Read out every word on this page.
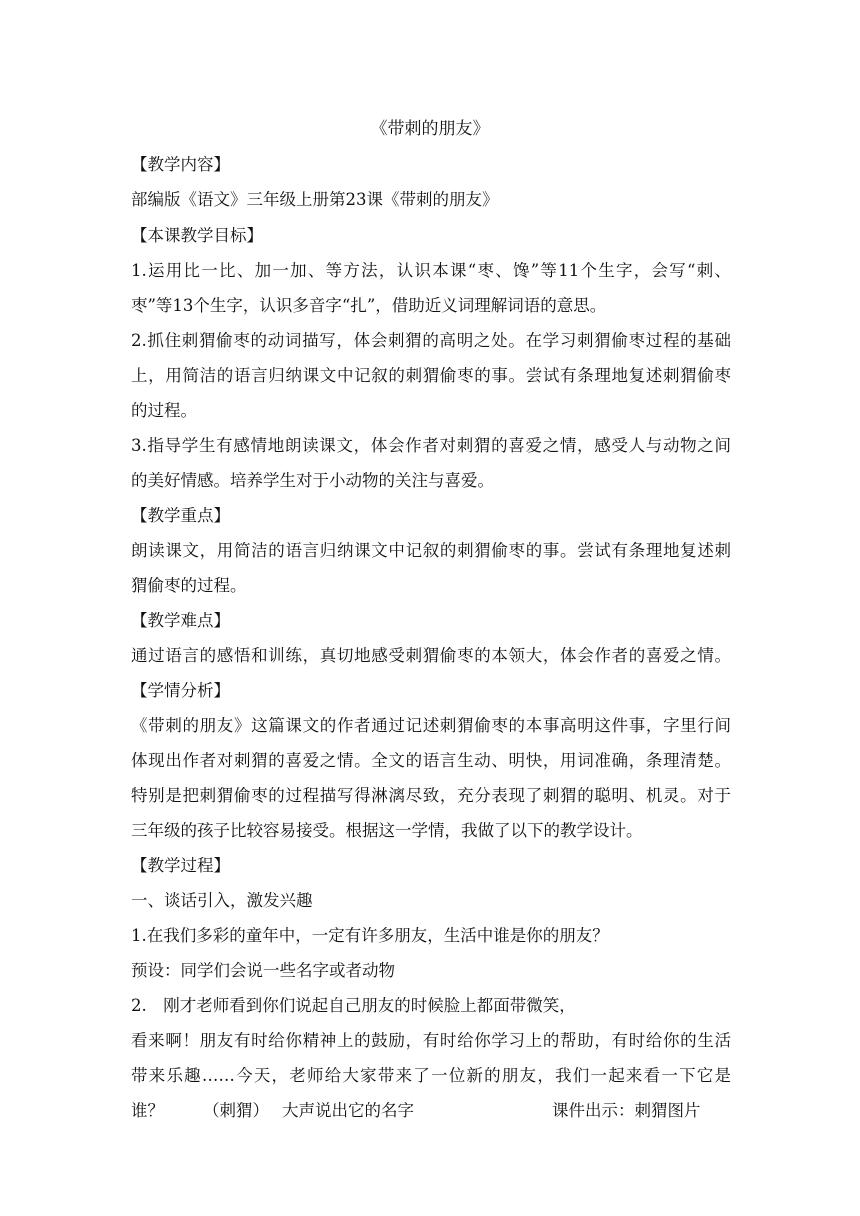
《带刺的朋友》
【教学内容】
部编版《语文》三年级上册第23课《带刺的朋友》
【本课教学目标】
1.运用比一比、加一加、等方法，认识本课“枣、馋”等11个生字，会写“刺、
枣”等13个生字，认识多音字“扎”，借助近义词理解词语的意思。
2.抓住刺猬偷枣的动词描写，体会刺猬的高明之处。在学习刺猬偷枣过程的基础
上，用简洁的语言归纳课文中记叙的刺猬偷枣的事。尝试有条理地复述刺猬偷枣
的过程。
3.指导学生有感情地朗读课文，体会作者对刺猬的喜爱之情，感受人与动物之间
的美好情感。培养学生对于小动物的关注与喜爱。
【教学重点】
朗读课文，用简洁的语言归纳课文中记叙的刺猬偷枣的事。尝试有条理地复述刺
猬偷枣的过程。
【教学难点】
通过语言的感悟和训练，真切地感受刺猬偷枣的本领大，体会作者的喜爱之情。
【学情分析】
《带刺的朋友》这篇课文的作者通过记述刺猬偷枣的本事高明这件事，字里行间
体现出作者对刺猬的喜爱之情。全文的语言生动、明快，用词准确，条理清楚。
特别是把刺猬偷枣的过程描写得淋漓尽致，充分表现了刺猬的聪明、机灵。对于
三年级的孩子比较容易接受。根据这一学情，我做了以下的教学设计。
【教学过程】
一、谈话引入，激发兴趣
1.在我们多彩的童年中，一定有许多朋友，生活中谁是你的朋友？
预设：同学们会说一些名字或者动物
2.　刚才老师看到你们说起自己朋友的时候脸上都面带微笑，
看来啊！朋友有时给你精神上的鼓励，有时给你学习上的帮助，有时给你的生活
带来乐趣……今天，老师给大家带来了一位新的朋友，我们一起来看一下它是
谁？ （刺猬） 大声说出它的名字	课件出示：刺猬图片
